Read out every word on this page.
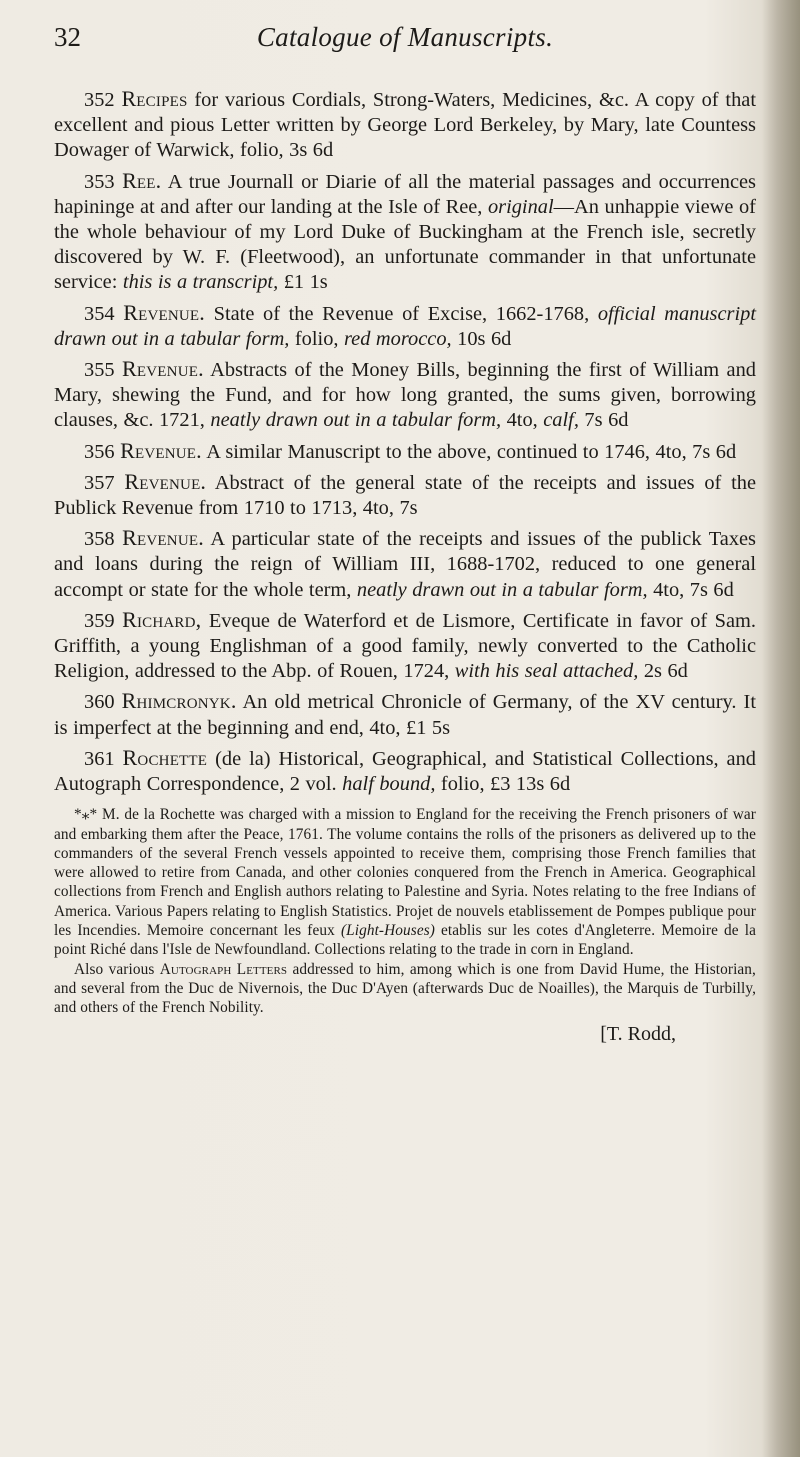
32	Catalogue of Manuscripts.

352 Recipes for various Cordials, Strong-Waters, Medicines, &c. A copy of that excellent and pious Letter written by George Lord Berkeley, by Mary, late Countess Dowager of Warwick, folio, 3s 6d

353 Ree. A true Journall or Diarie of all the material passages and occurrences hapininge at and after our landing at the Isle of Ree, original—An unhappie viewe of the whole behaviour of my Lord Duke of Buckingham at the French isle, secretly discovered by W. F. (Fleetwood), an unfortunate commander in that unfortunate service: this is a transcript, £1 1s

354 Revenue. State of the Revenue of Excise, 1662-1768, official manuscript drawn out in a tabular form, folio, red morocco, 10s 6d

355 Revenue. Abstracts of the Money Bills, beginning the first of William and Mary, shewing the Fund, and for how long granted, the sums given, borrowing clauses, &c. 1721, neatly drawn out in a tabular form, 4to, calf, 7s 6d

356 Revenue. A similar Manuscript to the above, continued to 1746, 4to, 7s 6d

357 Revenue. Abstract of the general state of the receipts and issues of the Publick Revenue from 1710 to 1713, 4to, 7s

358 Revenue. A particular state of the receipts and issues of the publick Taxes and loans during the reign of William III, 1688-1702, reduced to one general accompt or state for the whole term, neatly drawn out in a tabular form, 4to, 7s 6d

359 Richard, Eveque de Waterford et de Lismore, Certificate in favor of Sam. Griffith, a young Englishman of a good family, newly converted to the Catholic Religion, addressed to the Abp. of Rouen, 1724, with his seal attached, 2s 6d

360 Rhimcronyk. An old metrical Chronicle of Germany, of the XV century. It is imperfect at the beginning and end, 4to, £1 5s

361 Rochette (de la) Historical, Geographical, and Statistical Collections, and Autograph Correspondence, 2 vol. half bound, folio, £3 13s 6d

*⁎* M. de la Rochette was charged with a mission to England for the receiving the French prisoners of war and embarking them after the Peace, 1761. The volume contains the rolls of the prisoners as delivered up to the commanders of the several French vessels appointed to receive them, comprising those French families that were allowed to retire from Canada, and other colonies conquered from the French in America. Geographical collections from French and English authors relating to Palestine and Syria. Notes relating to the free Indians of America. Various Papers relating to English Statistics. Projet de nouvels etablissement de Pompes publique pour les Incendies. Memoire concernant les feux (Light-Houses) etablis sur les cotes d'Angleterre. Memoire de la point Riché dans l'Isle de Newfoundland. Collections relating to the trade in corn in England.

Also various Autograph Letters addressed to him, among which is one from David Hume, the Historian, and several from the Duc de Nivernois, the Duc D'Ayen (afterwards Duc de Noailles), the Marquis de Turbilly, and others of the French Nobility.

[T. Rodd,
